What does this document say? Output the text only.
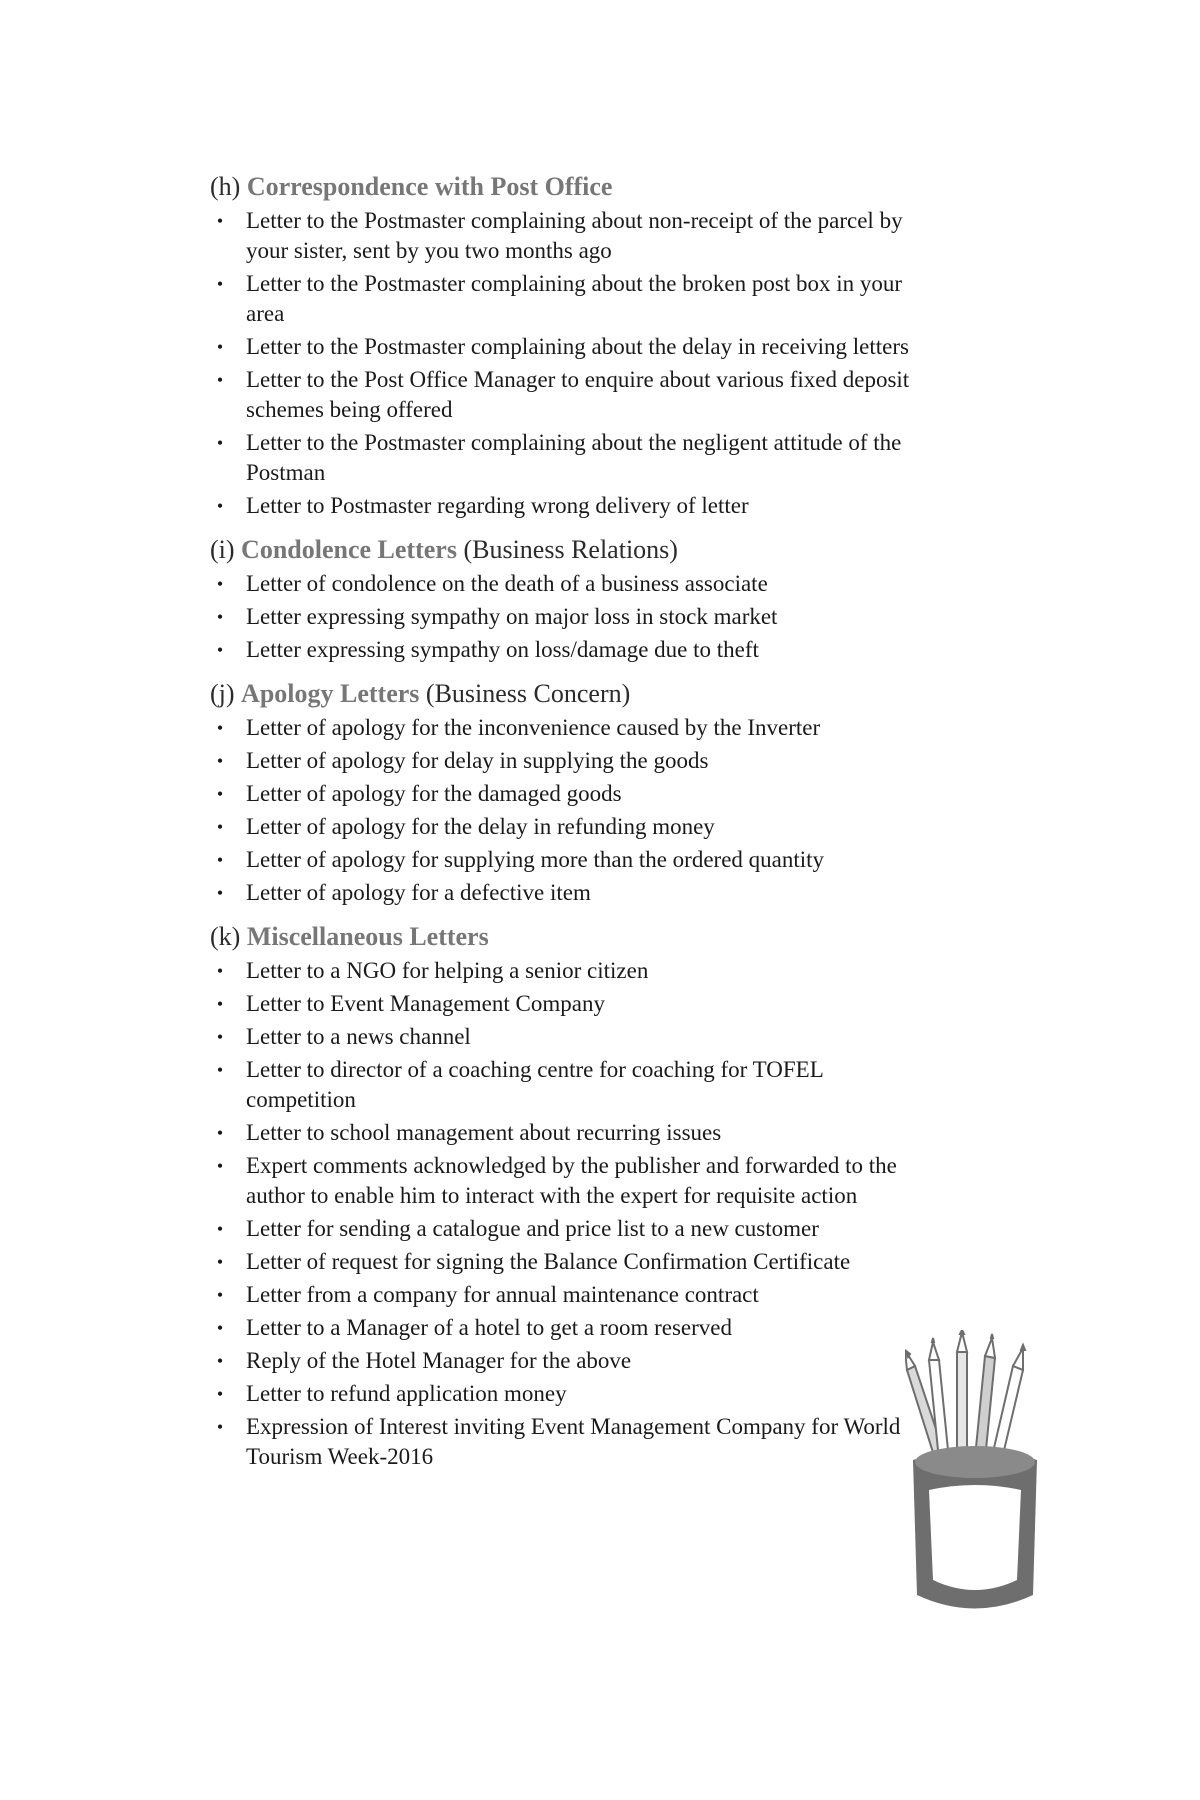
(h) Correspondence with Post Office
• Letter to the Postmaster complaining about non-receipt of the parcel by your sister, sent by you two months ago
• Letter to the Postmaster complaining about the broken post box in your area
• Letter to the Postmaster complaining about the delay in receiving letters
• Letter to the Post Office Manager to enquire about various fixed deposit schemes being offered
• Letter to the Postmaster complaining about the negligent attitude of the Postman
• Letter to Postmaster regarding wrong delivery of letter
(i) Condolence Letters (Business Relations)
• Letter of condolence on the death of a business associate
• Letter expressing sympathy on major loss in stock market
• Letter expressing sympathy on loss/damage due to theft
(j) Apology Letters (Business Concern)
• Letter of apology for the inconvenience caused by the Inverter
• Letter of apology for delay in supplying the goods
• Letter of apology for the damaged goods
• Letter of apology for the delay in refunding money
• Letter of apology for supplying more than the ordered quantity
• Letter of apology for a defective item
(k) Miscellaneous Letters
• Letter to a NGO for helping a senior citizen
• Letter to Event Management Company
• Letter to a news channel
• Letter to director of a coaching centre for coaching for TOFEL competition
• Letter to school management about recurring issues
• Expert comments acknowledged by the publisher and forwarded to the author to enable him to interact with the expert for requisite action
• Letter for sending a catalogue and price list to a new customer
• Letter of request for signing the Balance Confirmation Certificate
• Letter from a company for annual maintenance contract
• Letter to a Manager of a hotel to get a room reserved
• Reply of the Hotel Manager for the above
• Letter to refund application money
• Expression of Interest inviting Event Management Company for World Tourism Week-2016
